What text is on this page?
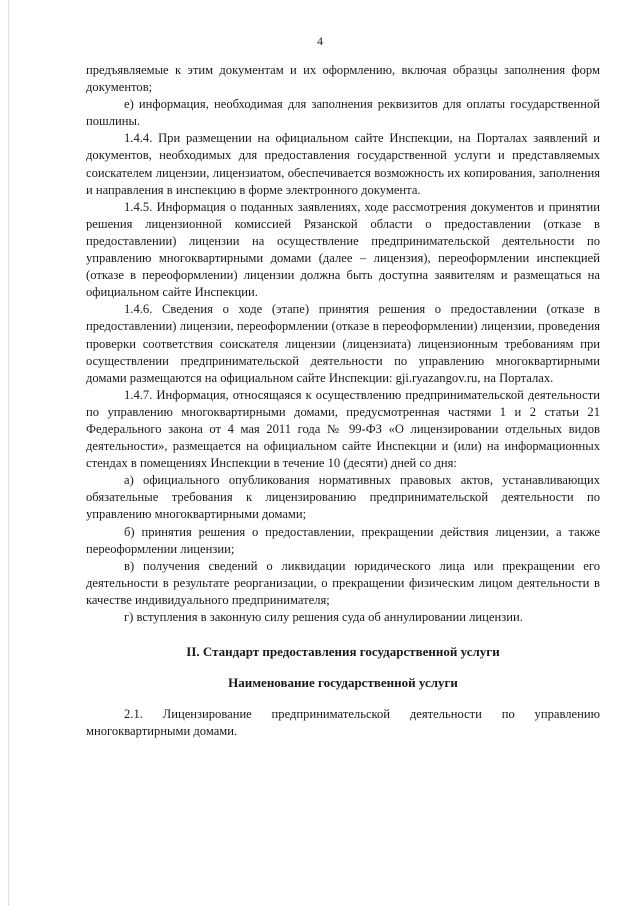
4

предъявляемые к этим документам и их оформлению, включая образцы заполнения форм документов;

е) информация, необходимая для заполнения реквизитов для оплаты государственной пошлины.

1.4.4. При размещении на официальном сайте Инспекции, на Порталах заявлений и документов, необходимых для предоставления государственной услуги и представляемых соискателем лицензии, лицензиатом, обеспечивается возможность их копирования, заполнения и направления в инспекцию в форме электронного документа.

1.4.5. Информация о поданных заявлениях, ходе рассмотрения документов и принятии решения лицензионной комиссией Рязанской области о предоставлении (отказе в предоставлении) лицензии на осуществление предпринимательской деятельности по управлению многоквартирными домами (далее – лицензия), переоформлении инспекцией (отказе в переоформлении) лицензии должна быть доступна заявителям и размещаться на официальном сайте Инспекции.

1.4.6. Сведения о ходе (этапе) принятия решения о предоставлении (отказе в предоставлении) лицензии, переоформлении (отказе в переоформлении) лицензии, проведения проверки соответствия соискателя лицензии (лицензиата) лицензионным требованиям при осуществлении предпринимательской деятельности по управлению многоквартирными домами размещаются на официальном сайте Инспекции: gji.ryazangov.ru, на Порталах.

1.4.7. Информация, относящаяся к осуществлению предпринимательской деятельности по управлению многоквартирными домами, предусмотренная частями 1 и 2 статьи 21 Федерального закона от 4 мая 2011 года № 99-ФЗ «О лицензировании отдельных видов деятельности», размещается на официальном сайте Инспекции и (или) на информационных стендах в помещениях Инспекции в течение 10 (десяти) дней со дня:

а) официального опубликования нормативных правовых актов, устанавливающих обязательные требования к лицензированию предпринимательской деятельности по управлению многоквартирными домами;

б) принятия решения о предоставлении, прекращении действия лицензии, а также переоформлении лицензии;

в) получения сведений о ликвидации юридического лица или прекращении его деятельности в результате реорганизации, о прекращении физическим лицом деятельности в качестве индивидуального предпринимателя;

г) вступления в законную силу решения суда об аннулировании лицензии.

II. Стандарт предоставления государственной услуги

Наименование государственной услуги

2.1. Лицензирование предпринимательской деятельности по управлению многоквартирными домами.
